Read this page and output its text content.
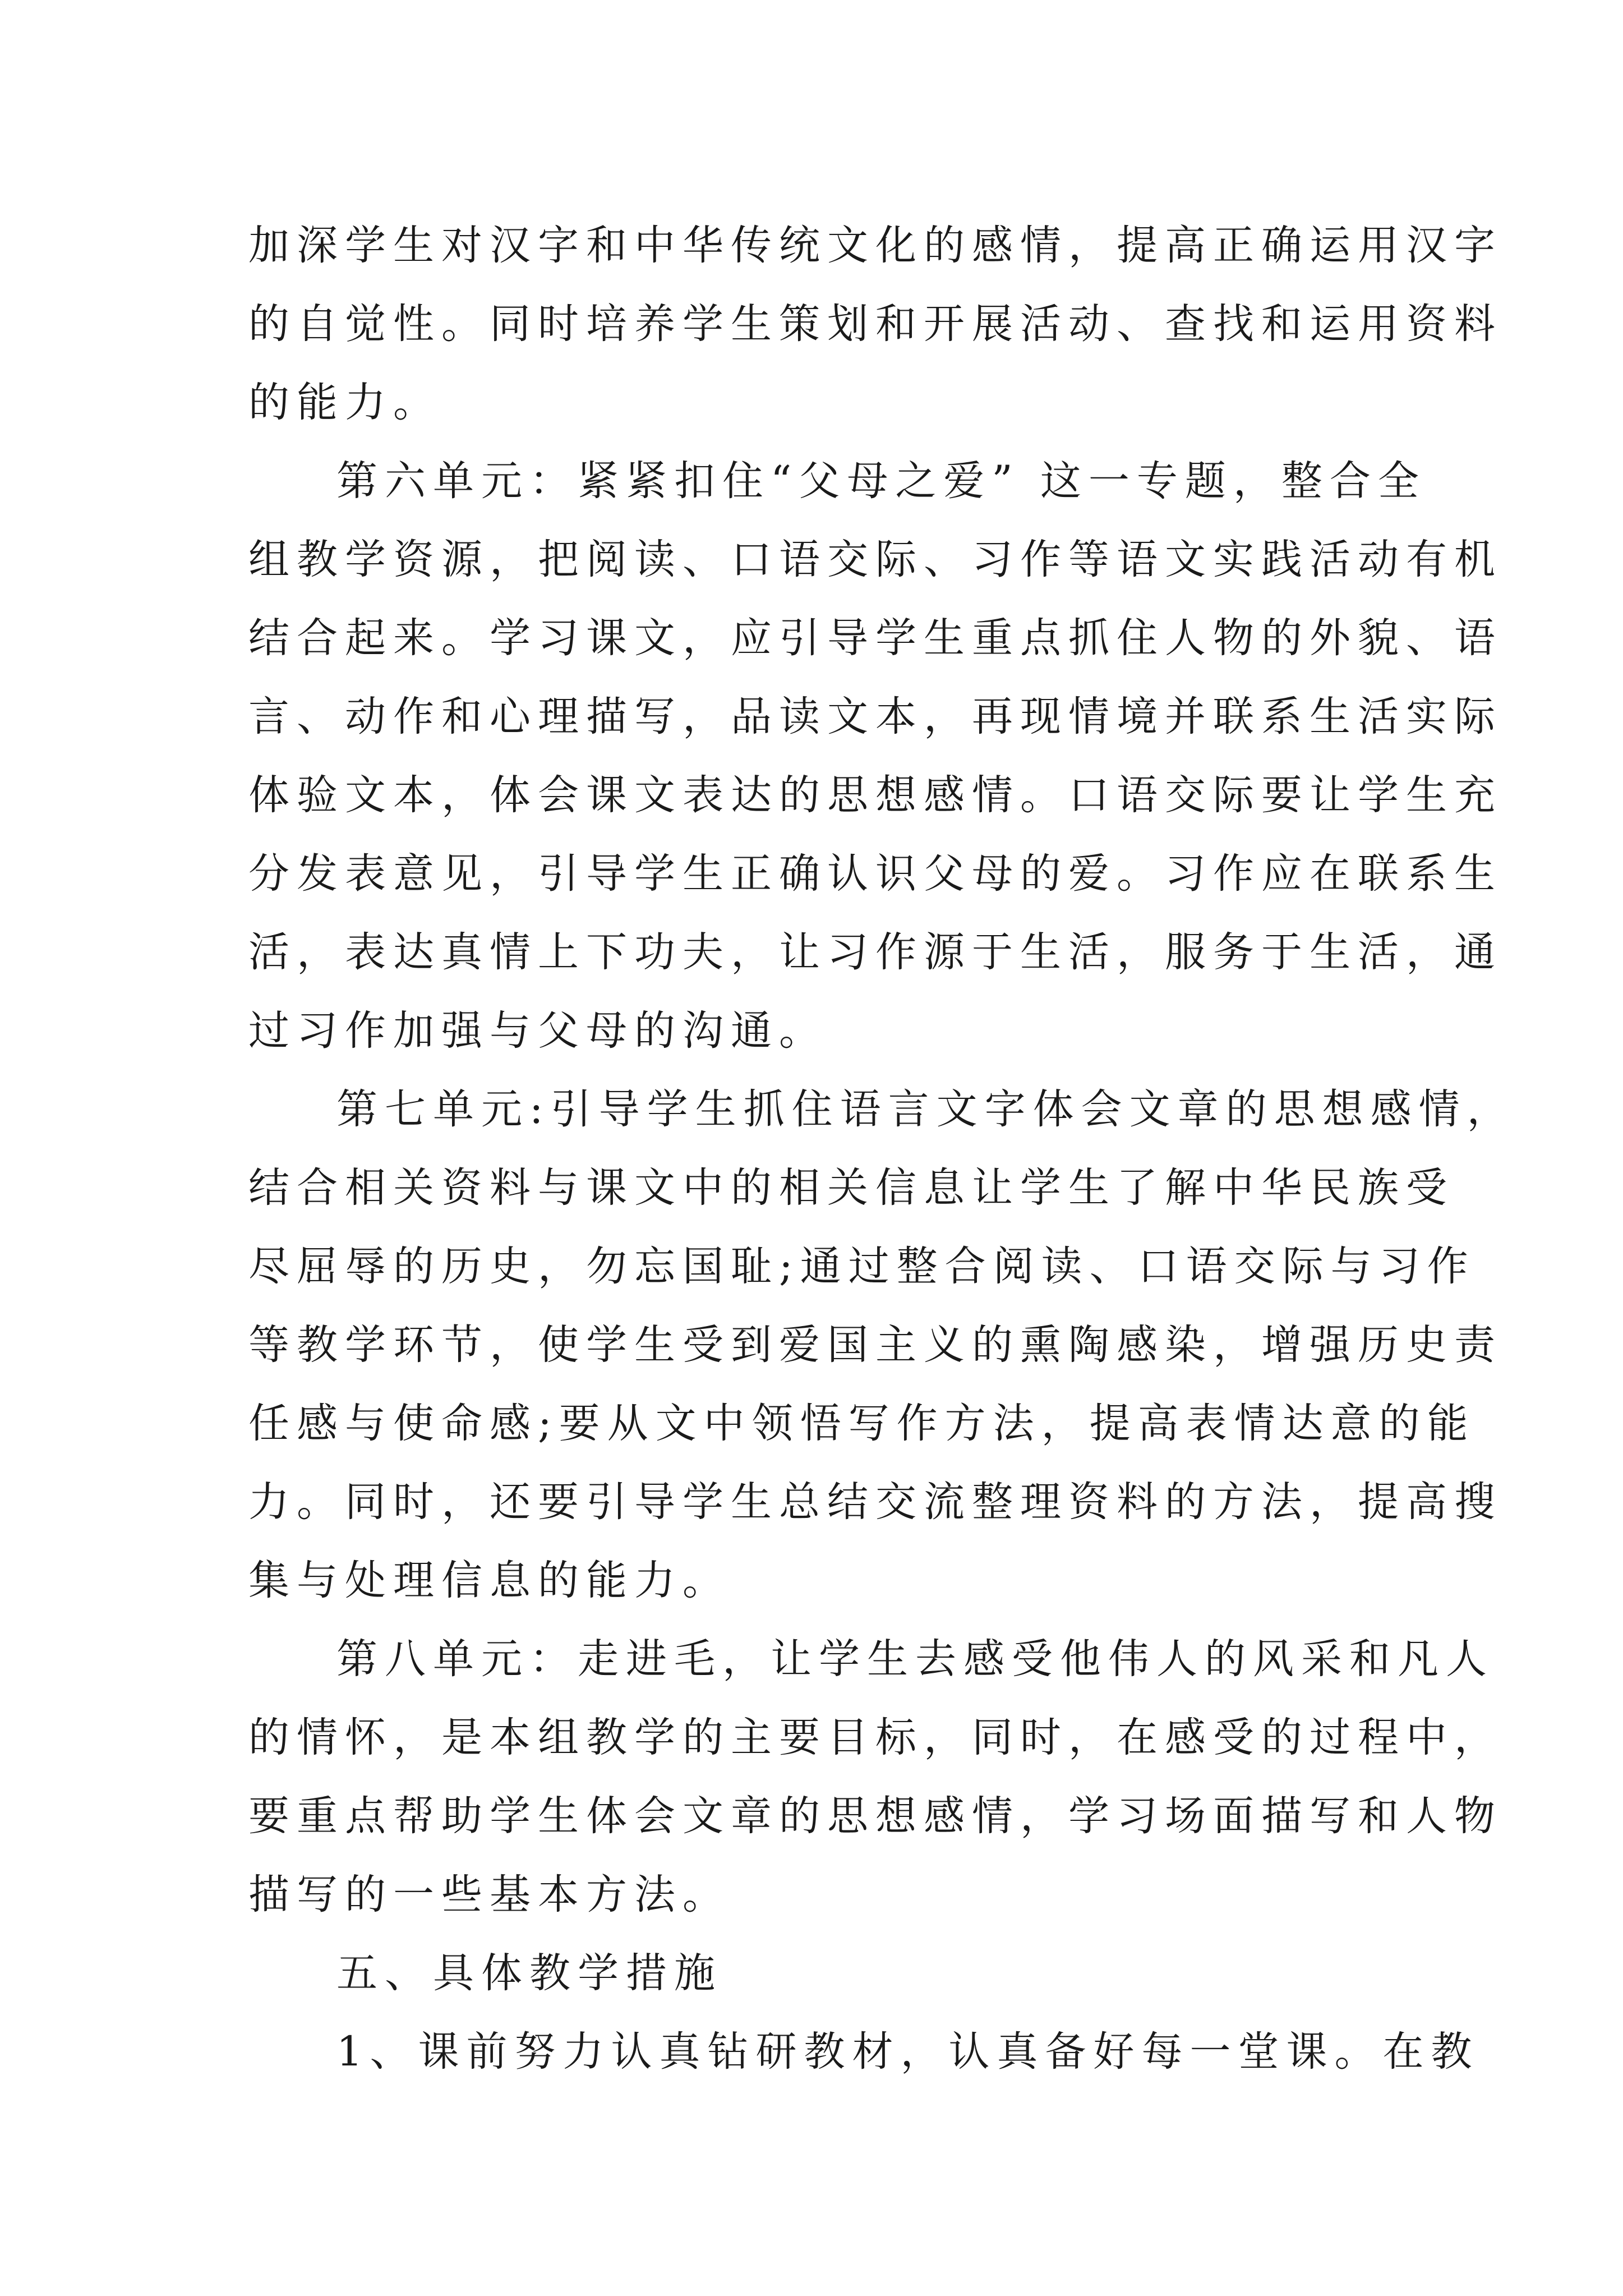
加深学生对汉字和中华传统文化的感情，提高正确运用汉字
的自觉性。同时培养学生策划和开展活动、查找和运用资料
的能力。
第六单元：紧紧扣住“父母之爱” 这一专题，整合全
组教学资源，把阅读、口语交际、习作等语文实践活动有机
结合起来。学习课文，应引导学生重点抓住人物的外貌、语
言、动作和心理描写，品读文本，再现情境并联系生活实际
体验文本，体会课文表达的思想感情。口语交际要让学生充
分发表意见，引导学生正确认识父母的爱。习作应在联系生
活，表达真情上下功夫，让习作源于生活，服务于生活，通
过习作加强与父母的沟通。
第七单元:引导学生抓住语言文字体会文章的思想感情，
结合相关资料与课文中的相关信息让学生了解中华民族受
尽屈辱的历史，勿忘国耻;通过整合阅读、口语交际与习作
等教学环节，使学生受到爱国主义的熏陶感染，增强历史责
任感与使命感;要从文中领悟写作方法，提高表情达意的能
力。同时，还要引导学生总结交流整理资料的方法，提高搜
集与处理信息的能力。
第八单元：走进毛，让学生去感受他伟人的风采和凡人
的情怀，是本组教学的主要目标，同时，在感受的过程中，
要重点帮助学生体会文章的思想感情，学习场面描写和人物
描写的一些基本方法。
五、具体教学措施
1、课前努力认真钻研教材，认真备好每一堂课。在教
